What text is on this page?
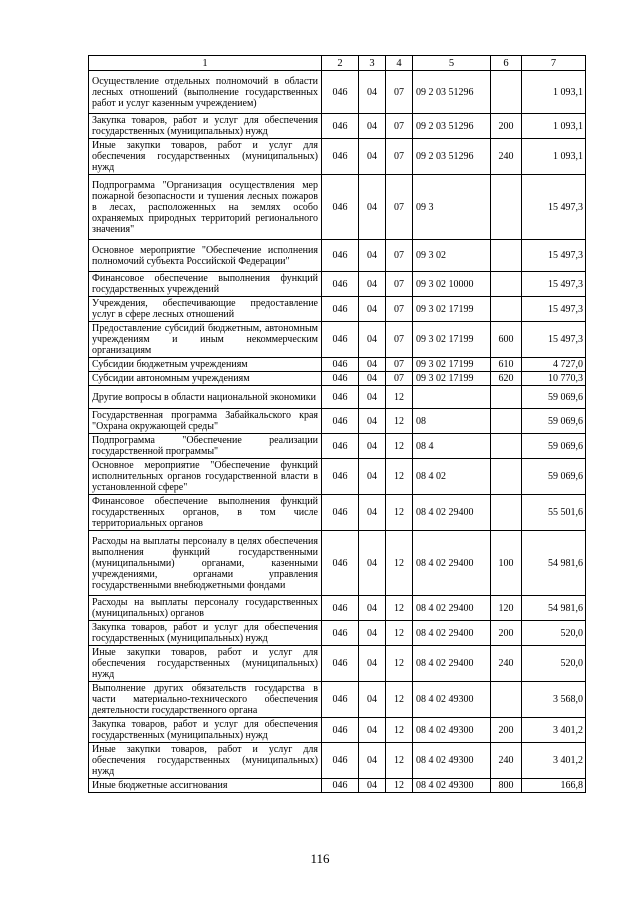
1	2	3	4	5	6	7
Осуществление отдельных полномочий в области лесных отношений (выполнение государственных работ и услуг казенным учреждением)	046	04	07	09 2 03 51296		1 093,1
Закупка товаров, работ и услуг для обеспечения государственных (муниципальных) нужд	046	04	07	09 2 03 51296	200	1 093,1
Иные закупки товаров, работ и услуг для обеспечения государственных (муниципальных) нужд	046	04	07	09 2 03 51296	240	1 093,1
Подпрограмма "Организация осуществления мер пожарной безопасности и тушения лесных пожаров в лесах, расположенных на землях особо охраняемых природных территорий регионального значения"	046	04	07	09 3		15 497,3
Основное мероприятие "Обеспечение исполнения полномочий субъекта Российской Федерации"	046	04	07	09 3 02		15 497,3
Финансовое обеспечение выполнения функций государственных учреждений	046	04	07	09 3 02 10000		15 497,3
Учреждения, обеспечивающие предоставление услуг в сфере лесных отношений	046	04	07	09 3 02 17199		15 497,3
Предоставление субсидий бюджетным, автономным учреждениям и иным некоммерческим организациям	046	04	07	09 3 02 17199	600	15 497,3
Субсидии бюджетным учреждениям	046	04	07	09 3 02 17199	610	4 727,0
Субсидии автономным учреждениям	046	04	07	09 3 02 17199	620	10 770,3
Другие вопросы в области национальной экономики	046	04	12			59 069,6
Государственная программа Забайкальского края "Охрана окружающей среды"	046	04	12	08		59 069,6
Подпрограмма "Обеспечение реализации государственной программы"	046	04	12	08 4		59 069,6
Основное мероприятие "Обеспечение функций исполнительных органов государственной власти в установленной сфере"	046	04	12	08 4 02		59 069,6
Финансовое обеспечение выполнения функций государственных органов, в том числе территориальных органов	046	04	12	08 4 02 29400		55 501,6
Расходы на выплаты персоналу в целях обеспечения выполнения функций государственными (муниципальными) органами, казенными учреждениями, органами управления государственными внебюджетными фондами	046	04	12	08 4 02 29400	100	54 981,6
Расходы на выплаты персоналу государственных (муниципальных) органов	046	04	12	08 4 02 29400	120	54 981,6
Закупка товаров, работ и услуг для обеспечения государственных (муниципальных) нужд	046	04	12	08 4 02 29400	200	520,0
Иные закупки товаров, работ и услуг для обеспечения государственных (муниципальных) нужд	046	04	12	08 4 02 29400	240	520,0
Выполнение других обязательств государства в части материально-технического обеспечения деятельности государственного органа	046	04	12	08 4 02 49300		3 568,0
Закупка товаров, работ и услуг для обеспечения государственных (муниципальных) нужд	046	04	12	08 4 02 49300	200	3 401,2
Иные закупки товаров, работ и услуг для обеспечения государственных (муниципальных) нужд	046	04	12	08 4 02 49300	240	3 401,2
Иные бюджетные ассигнования	046	04	12	08 4 02 49300	800	166,8
116
